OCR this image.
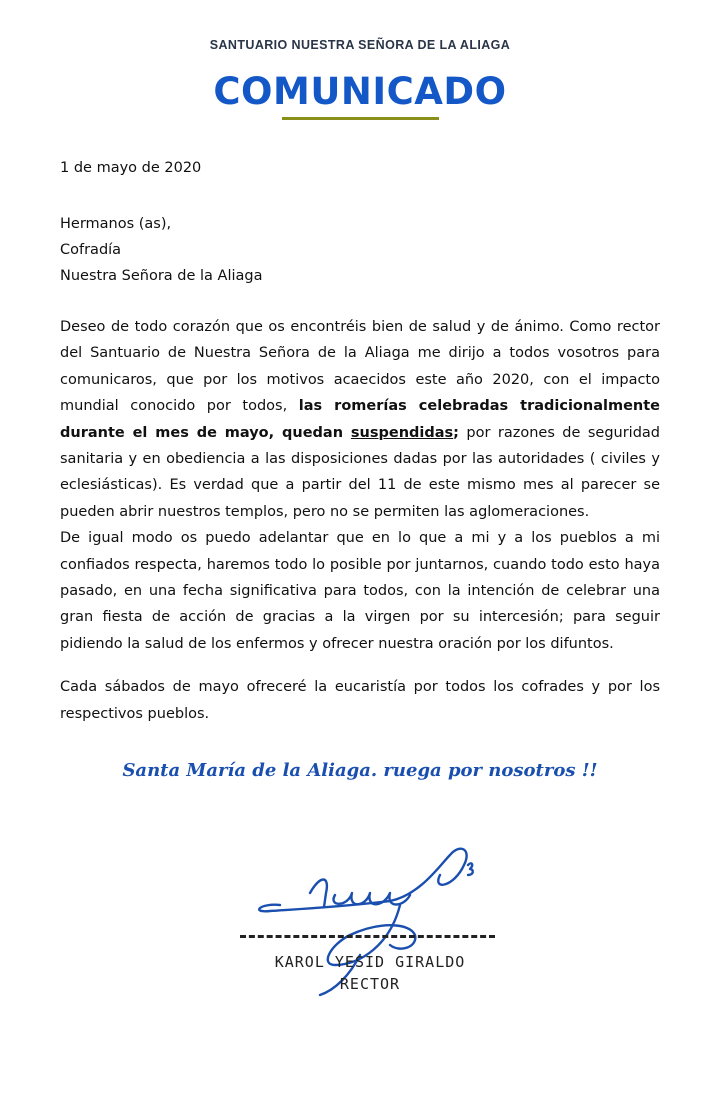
SANTUARIO NUESTRA SEÑORA DE LA ALIAGA
COMUNICADO
1 de mayo de 2020
Hermanos (as),
Cofradía
Nuestra Señora de la Aliaga

Deseo de todo corazón que os encontréis bien de salud y de ánimo. Como rector del Santuario de Nuestra Señora de la Aliaga me dirijo a todos vosotros para comunicaros, que por los motivos acaecidos este año 2020, con el impacto mundial conocido por todos, las romerías celebradas tradicionalmente durante el mes de mayo, quedan suspendidas; por razones de seguridad sanitaria y en obediencia a las disposiciones dadas por las autoridades ( civiles y eclesiásticas). Es verdad que a partir del 11 de este mismo mes al parecer se pueden abrir nuestros templos, pero no se permiten las aglomeraciones.

De igual modo os puedo adelantar que en lo que a mi y a los pueblos a mi confiados respecta, haremos todo lo posible por juntarnos, cuando todo esto haya pasado, en una fecha significativa para todos, con la intención de celebrar una gran fiesta de acción de gracias a la virgen por su intercesión; para seguir pidiendo la salud de los enfermos y ofrecer nuestra oración por los difuntos.

Cada sábados de mayo ofreceré la eucaristía por todos los cofrades y por los respectivos pueblos.

Santa María de la Aliaga. ruega por nosotros !!
KAROL YESID GIRALDO
RECTOR
